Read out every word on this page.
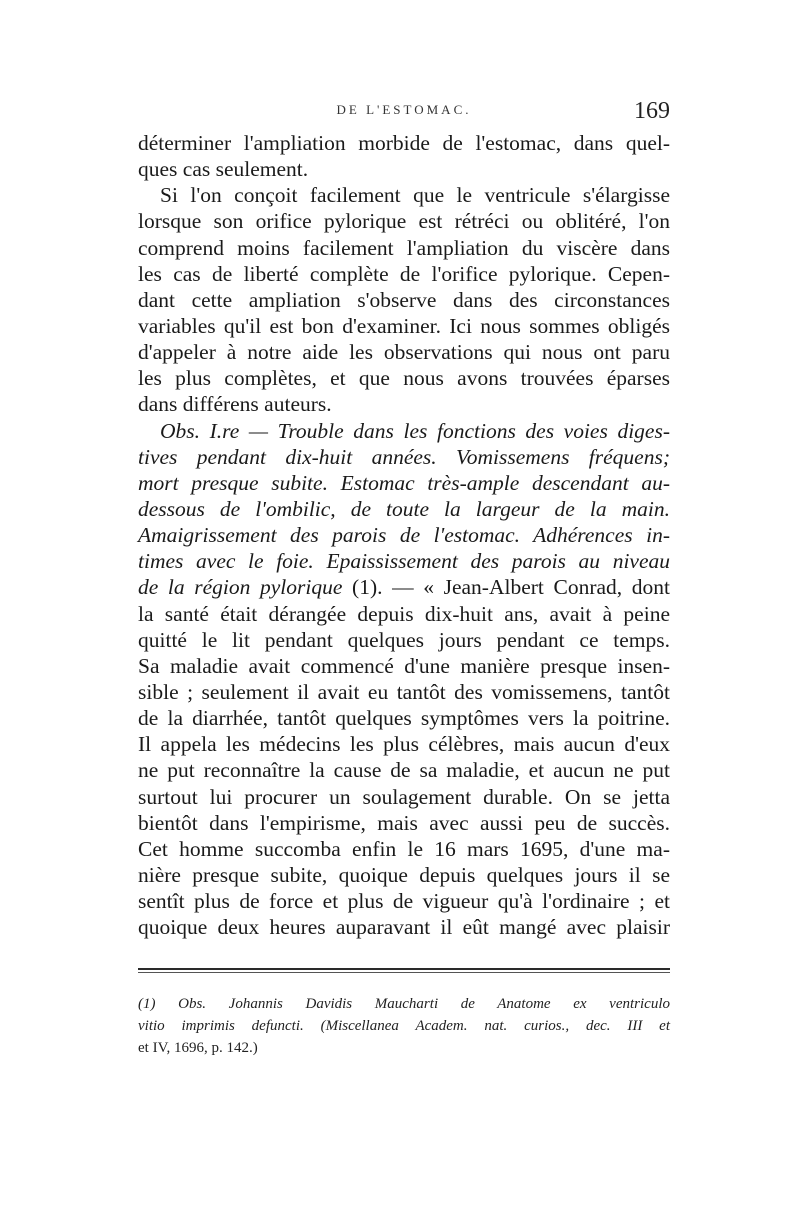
DE L'ESTOMAC.	169
déterminer l'ampliation morbide de l'estomac, dans quel-
ques cas seulement.
Si l'on conçoit facilement que le ventricule s'élargisse
lorsque son orifice pylorique est rétréci ou oblitéré, l'on
comprend moins facilement l'ampliation du viscère dans
les cas de liberté complète de l'orifice pylorique. Cepen-
dant cette ampliation s'observe dans des circonstances
variables qu'il est bon d'examiner. Ici nous sommes obligés
d'appeler à notre aide les observations qui nous ont paru
les plus complètes, et que nous avons trouvées éparses
dans différens auteurs.
Obs. I.re — Trouble dans les fonctions des voies diges-
tives pendant dix-huit années. Vomissemens fréquens;
mort presque subite. Estomac très-ample descendant au-
dessous de l'ombilic, de toute la largeur de la main.
Amaigrissement des parois de l'estomac. Adhérences in-
times avec le foie. Epaississement des parois au niveau
de la région pylorique (1). — « Jean-Albert Conrad, dont
la santé était dérangée depuis dix-huit ans, avait à peine
quitté le lit pendant quelques jours pendant ce temps.
Sa maladie avait commencé d'une manière presque insen-
sible ; seulement il avait eu tantôt des vomissemens, tantôt
de la diarrhée, tantôt quelques symptômes vers la poitrine.
Il appela les médecins les plus célèbres, mais aucun d'eux
ne put reconnaître la cause de sa maladie, et aucun ne put
surtout lui procurer un soulagement durable. On se jetta
bientôt dans l'empirisme, mais avec aussi peu de succès.
Cet homme succomba enfin le 16 mars 1695, d'une ma-
nière presque subite, quoique depuis quelques jours il se
sentît plus de force et plus de vigueur qu'à l'ordinaire ; et
quoique deux heures auparavant il eût mangé avec plaisir
(1) Obs. Johannis Davidis Maucharti de Anatome ex ventriculo
vitio imprimis defuncti. (Miscellanea Academ. nat. curios., dec. III et
et IV, 1696, p. 142.)
